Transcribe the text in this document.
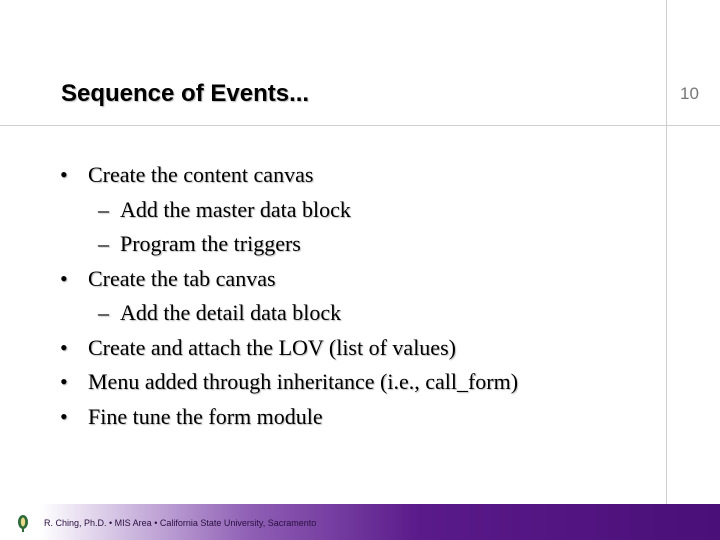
Sequence of Events...	10
• Create the content canvas
– Add the master data block
– Program the triggers
• Create the tab canvas
– Add the detail data block
• Create and attach the LOV (list of values)
• Menu added through inheritance (i.e., call_form)
• Fine tune the form module
R. Ching, Ph.D. • MIS Area • California State University, Sacramento
